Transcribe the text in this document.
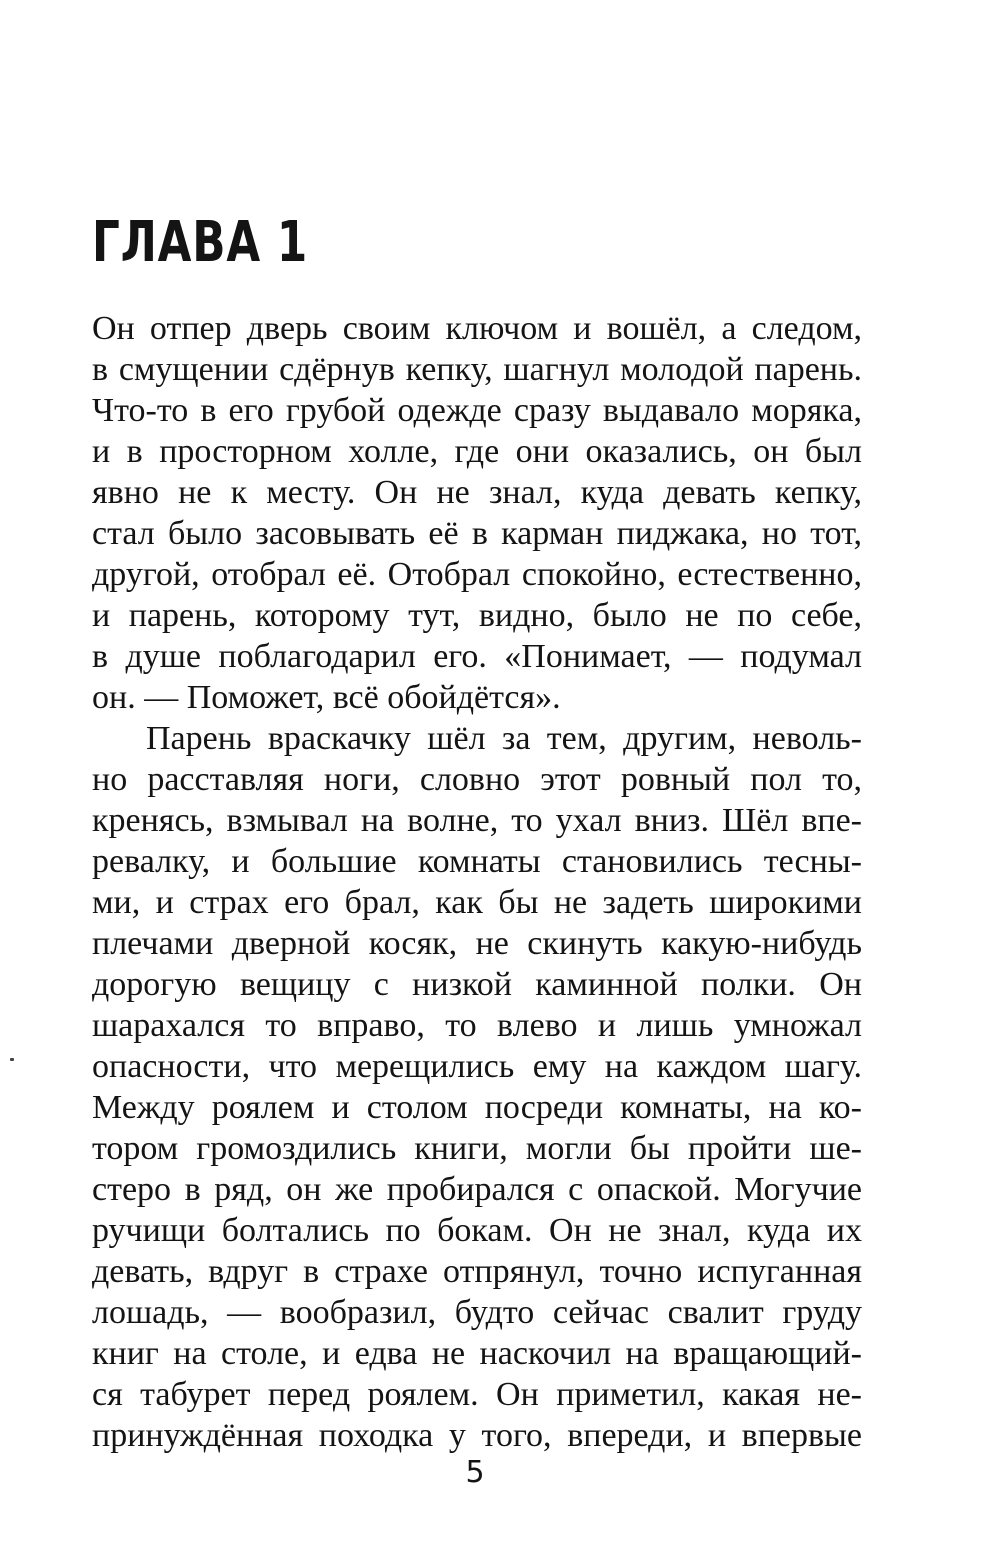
ГЛАВА 1
Он отпер дверь своим ключом и вошёл, а следом,
в смущении сдёрнув кепку, шагнул молодой парень.
Что-то в его грубой одежде сразу выдавало моряка,
и в просторном холле, где они оказались, он был
явно не к месту. Он не знал, куда девать кепку,
стал было засовывать её в карман пиджака, но тот,
другой, отобрал её. Отобрал спокойно, естественно,
и парень, которому тут, видно, было не по себе,
в душе поблагодарил его. «Понимает, — подумал
он. — Поможет, всё обойдётся».
Парень враскачку шёл за тем, другим, неволь-
но расставляя ноги, словно этот ровный пол то,
кренясь, взмывал на волне, то ухал вниз. Шёл впе-
ревалку, и большие комнаты становились тесны-
ми, и страх его брал, как бы не задеть широкими
плечами дверной косяк, не скинуть какую-нибудь
дорогую вещицу с низкой каминной полки. Он
шарахался то вправо, то влево и лишь умножал
опасности, что мерещились ему на каждом шагу.
Между роялем и столом посреди комнаты, на ко-
тором громоздились книги, могли бы пройти ше-
стеро в ряд, он же пробирался с опаской. Могучие
ручищи болтались по бокам. Он не знал, куда их
девать, вдруг в страхе отпрянул, точно испуганная
лошадь, — вообразил, будто сейчас свалит груду
книг на столе, и едва не наскочил на вращающий-
ся табурет перед роялем. Он приметил, какая не-
принуждённая походка у того, впереди, и впервые
5
